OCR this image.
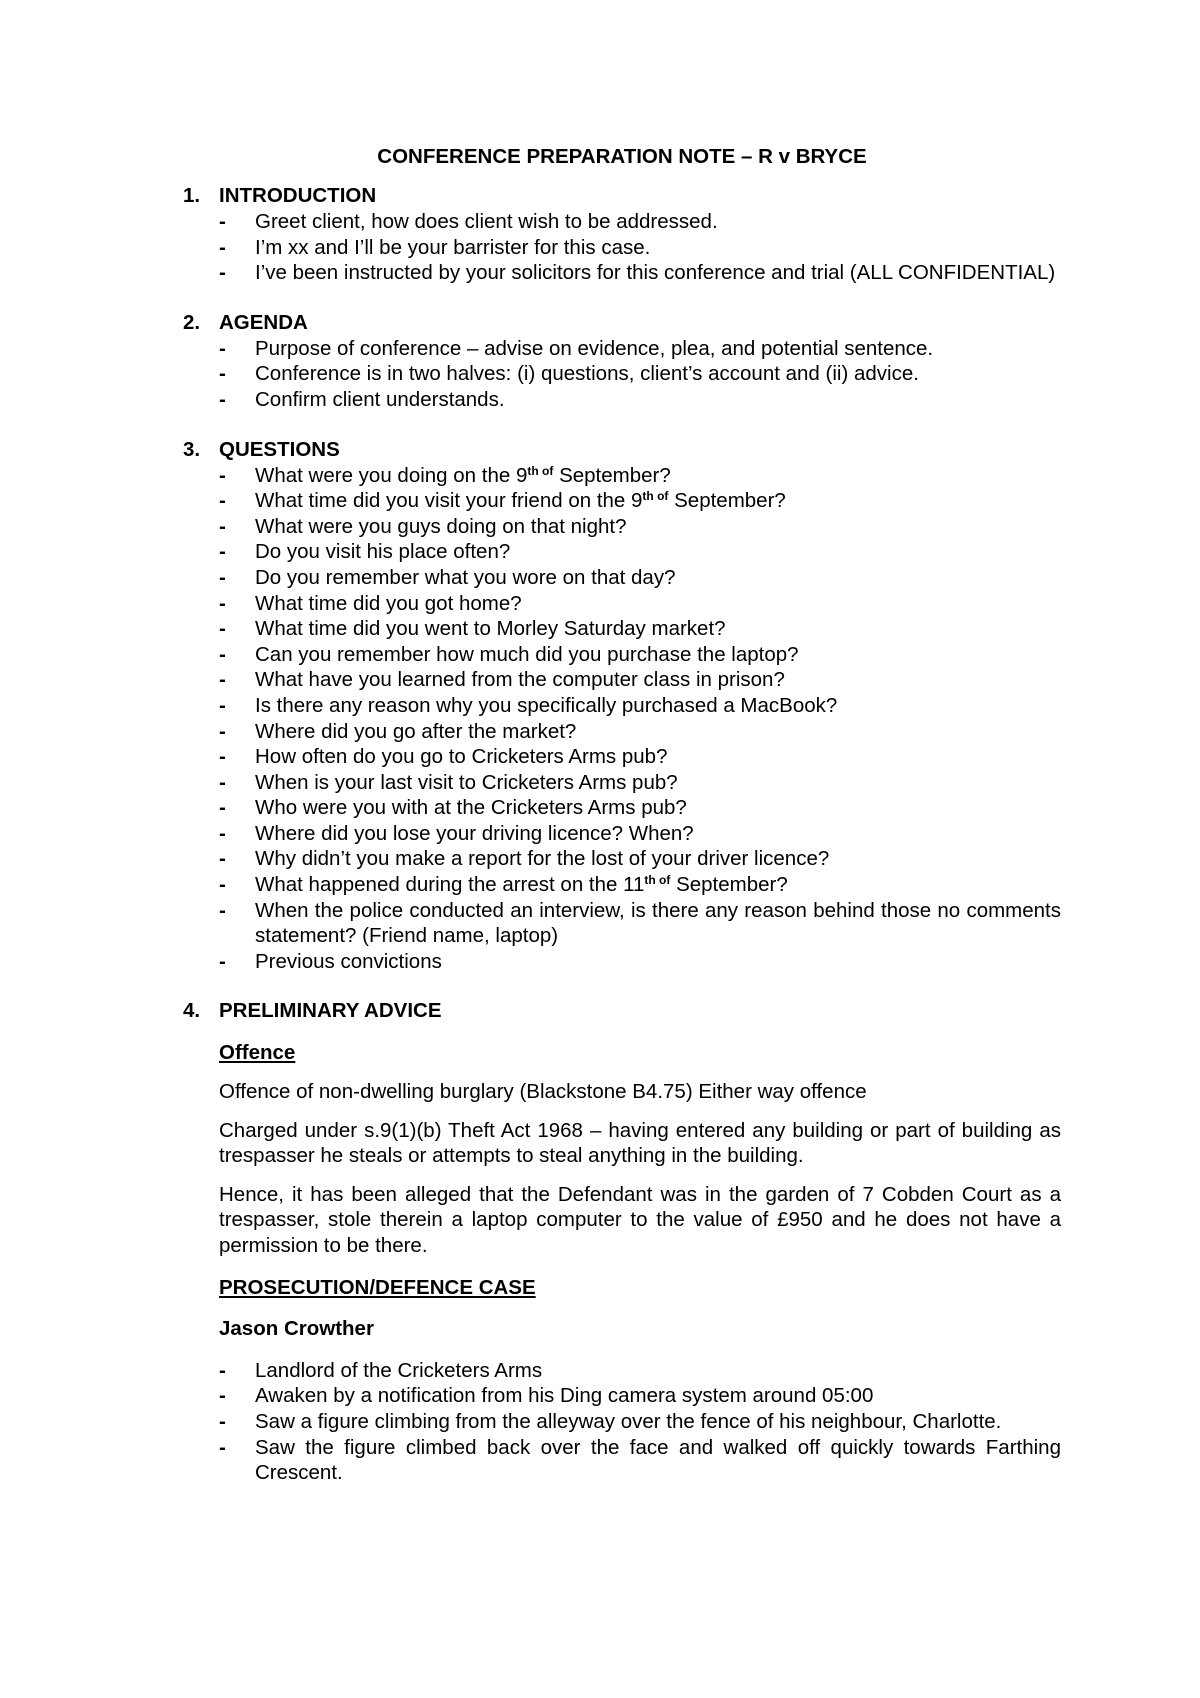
CONFERENCE PREPARATION NOTE – R v BRYCE
1. INTRODUCTION
- Greet client, how does client wish to be addressed.
- I’m xx and I’ll be your barrister for this case.
- I’ve been instructed by your solicitors for this conference and trial (ALL CONFIDENTIAL)
2. AGENDA
- Purpose of conference – advise on evidence, plea, and potential sentence.
- Conference is in two halves: (i) questions, client’s account and (ii) advice.
- Confirm client understands.
3. QUESTIONS
- What were you doing on the $9^{th of}$ September?
- What time did you visit your friend on the $9^{th of}$ September?
- What were you guys doing on that night?
- Do you visit his place often?
- Do you remember what you wore on that day?
- What time did you got home?
- What time did you went to Morley Saturday market?
- Can you remember how much did you purchase the laptop?
- What have you learned from the computer class in prison?
- Is there any reason why you specifically purchased a MacBook?
- Where did you go after the market?
- How often do you go to Cricketers Arms pub?
- When is your last visit to Cricketers Arms pub?
- Who were you with at the Cricketers Arms pub?
- Where did you lose your driving licence? When?
- Why didn’t you make a report for the lost of your driver licence?
- What happened during the arrest on the $11^{th of}$ September?
- When the police conducted an interview, is there any reason behind those no comments statement? (Friend name, laptop)
- Previous convictions
4. PRELIMINARY ADVICE
Offence

Offence of non-dwelling burglary (Blackstone B4.75) Either way offence

Charged under s.9(1)(b) Theft Act 1968 – having entered any building or part of building as trespasser he steals or attempts to steal anything in the building.

Hence, it has been alleged that the Defendant was in the garden of 7 Cobden Court as a trespasser, stole therein a laptop computer to the value of £950 and he does not have a permission to be there.

PROSECUTION/DEFENCE CASE
Jason Crowther
- Landlord of the Cricketers Arms
- Awaken by a notification from his Ding camera system around 05:00
- Saw a figure climbing from the alleyway over the fence of his neighbour, Charlotte.
- Saw the figure climbed back over the face and walked off quickly towards Farthing Crescent.
